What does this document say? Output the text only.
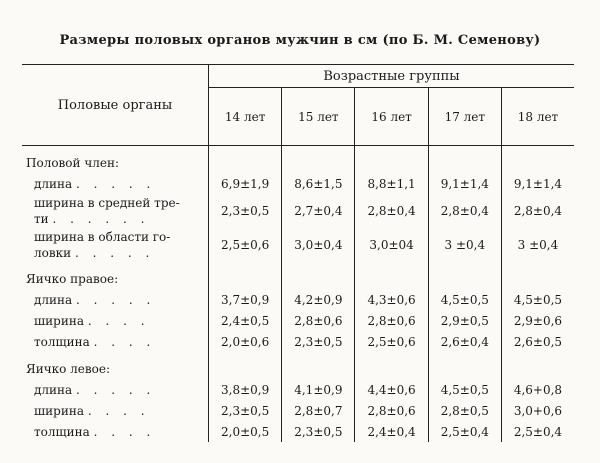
Размеры половых органов мужчин в см (по Б. М. Семенову)
Половые органы	Возрастные группы				
	14 лет	15 лет	16 лет	17 лет	18 лет
Половой член:					
длина . . . . .	6,9±1,9	8,6±1,5	8,8±1,1	9,1±1,4	9,1±1,4
ширина в средней тре-
ти . . . . . .	2,3±0,5	2,7±0,4	2,8±0,4	2,8±0,4	2,8±0,4
ширина в области го-
ловки . . . . .	2,5±0,6	3,0±0,4	3,0±04	3 ±0,4	3 ±0,4
Яичко правое:					
длина . . . . .	3,7±0,9	4,2±0,9	4,3±0,6	4,5±0,5	4,5±0,5
ширина . . . .	2,4±0,5	2,8±0,6	2,8±0,6	2,9±0,5	2,9±0,6
толщина . . . .	2,0±0,6	2,3±0,5	2,5±0,6	2,6±0,4	2,6±0,5
Яичко левое:					
длина . . . . .	3,8±0,9	4,1±0,9	4,4±0,6	4,5±0,5	4,6+0,8
ширина . . . .	2,3±0,5	2,8±0,7	2,8±0,6	2,8±0,5	3,0+0,6
толщина . . . .	2,0±0,5	2,3±0,5	2,4±0,4	2,5±0,4	2,5±0,4
